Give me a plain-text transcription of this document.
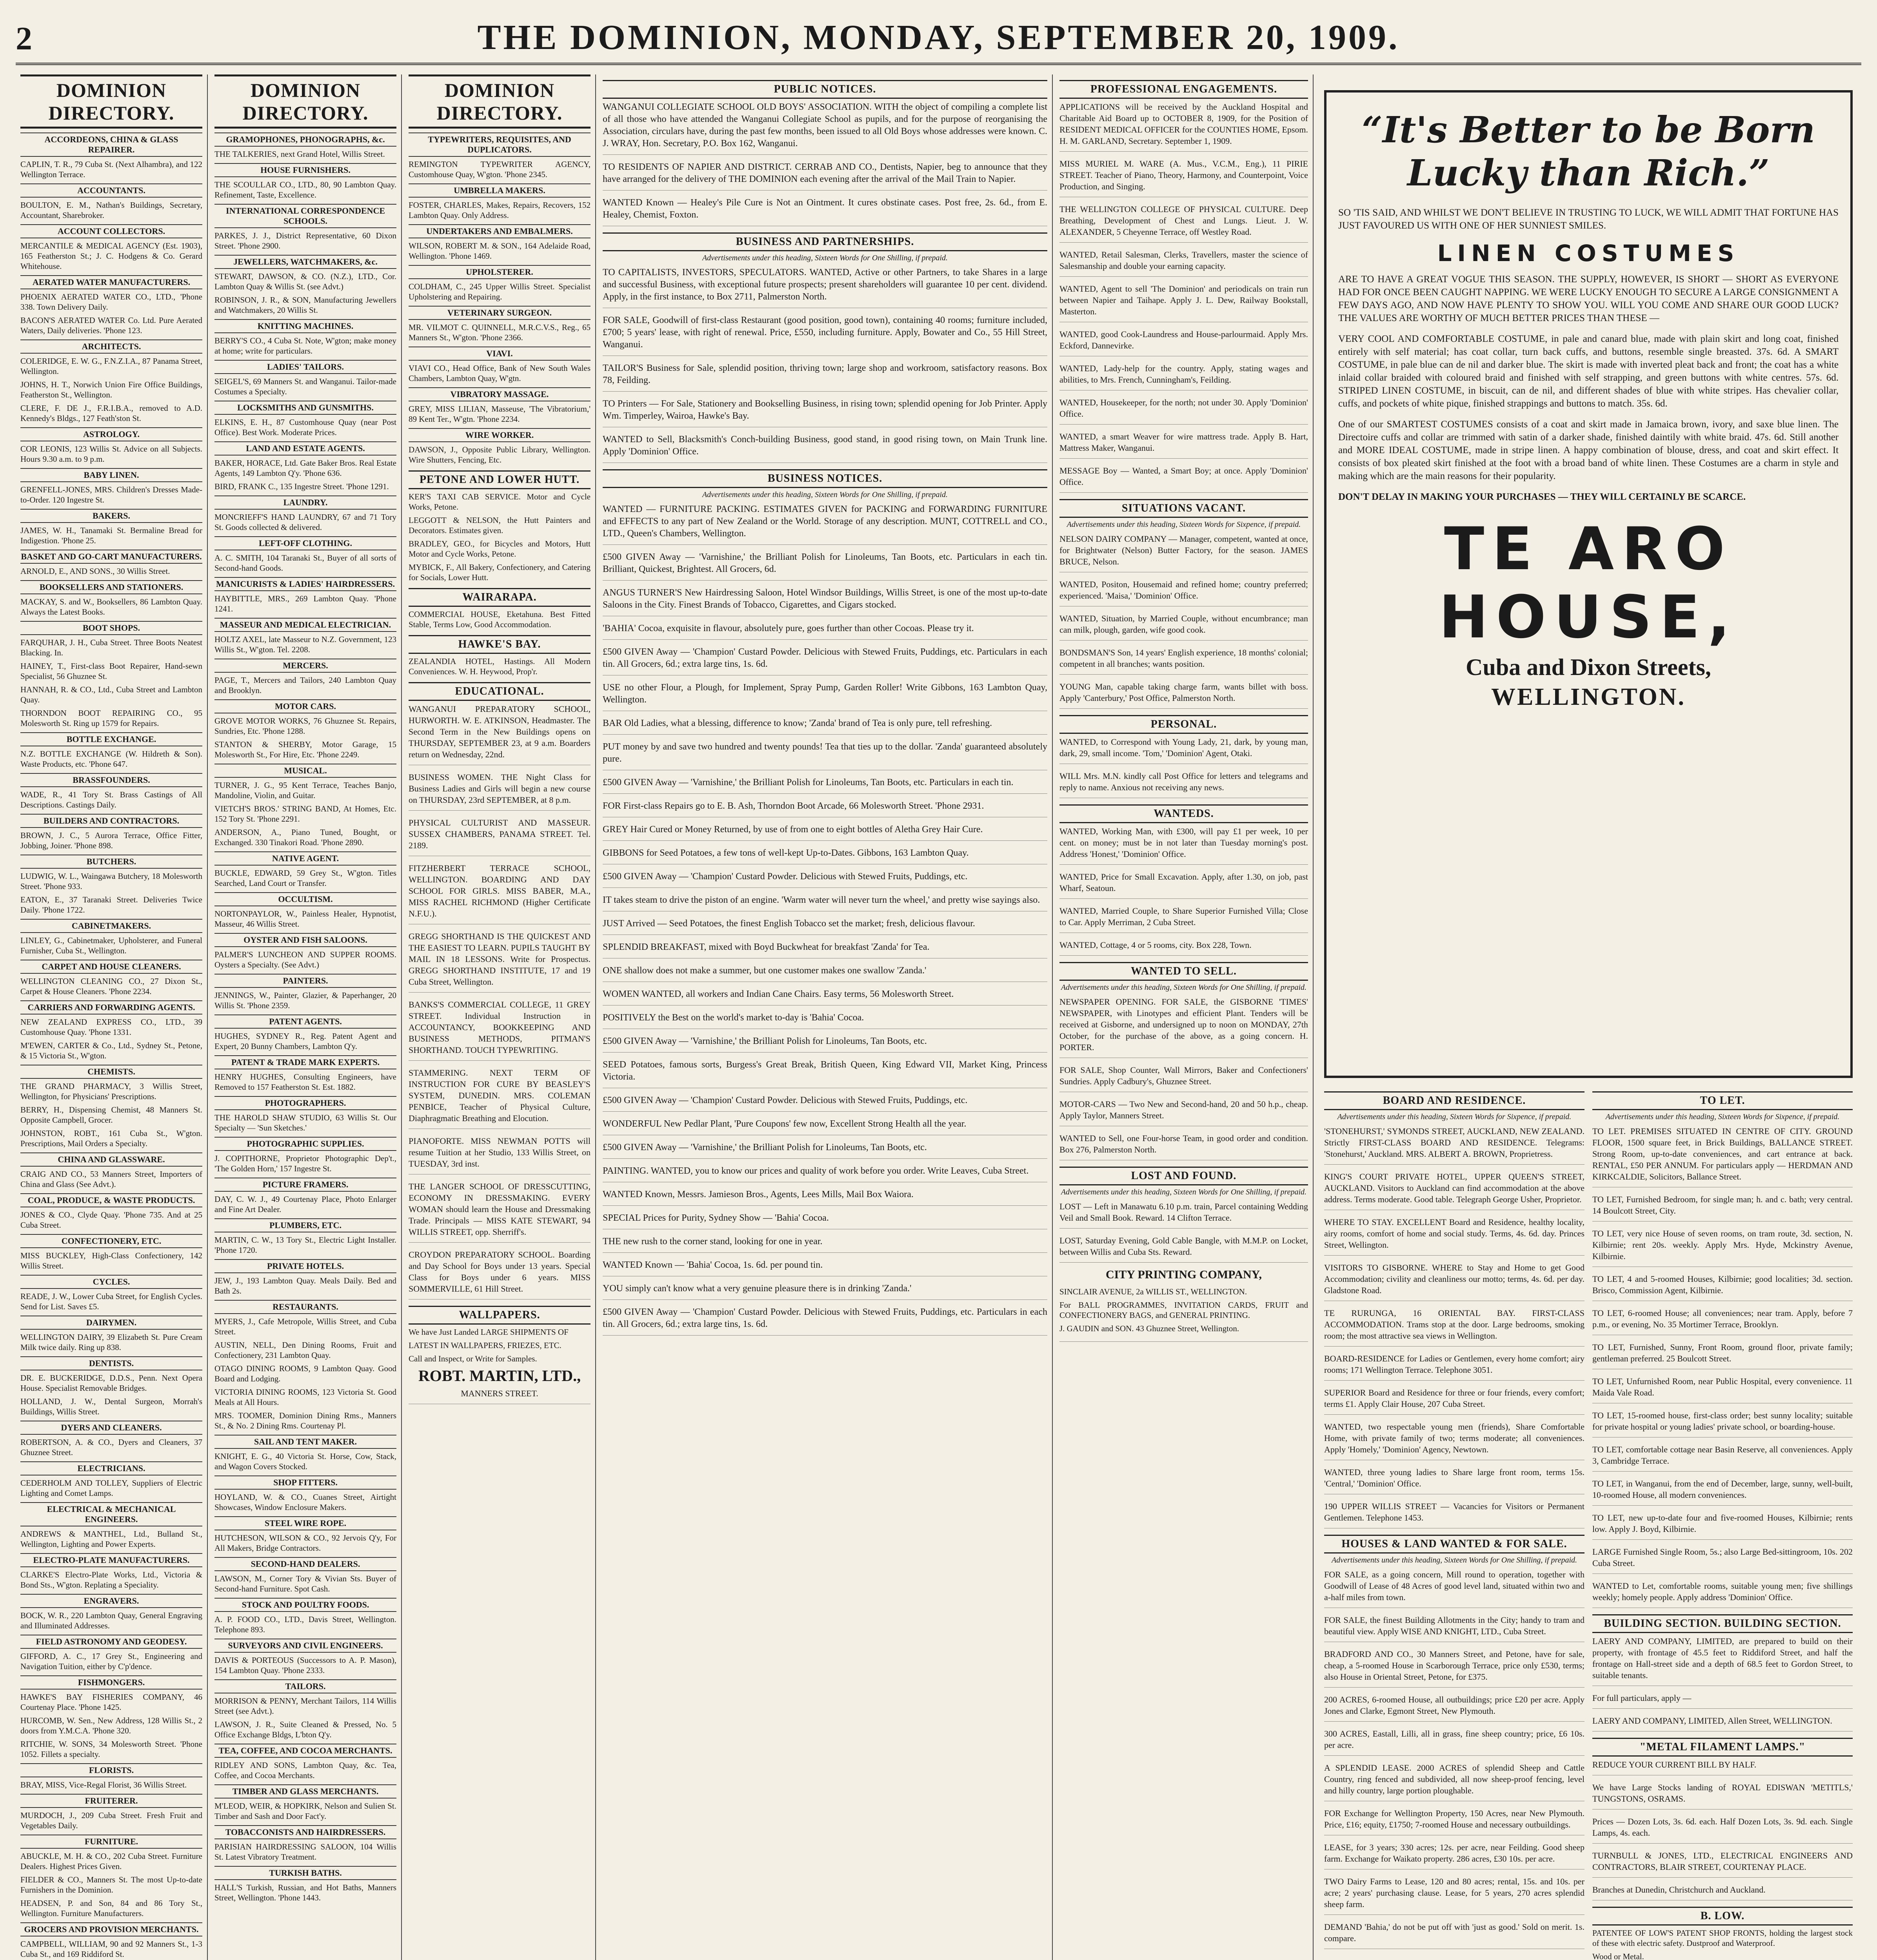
2	THE DOMINION, MONDAY, SEPTEMBER 20, 1909.
DOMINION DIRECTORY.
ACCORDEONS, CHINA & GLASS REPAIRER.
CAPLIN, T. R., 79 Cuba St. (Next Alhambra), and 122 Wellington Terrace.
ACCOUNTANTS.
BOULTON, E. M., Nathan's Buildings, Secretary, Accountant, Sharebroker.
ACCOUNT COLLECTORS.
MERCANTILE & MEDICAL AGENCY (Est. 1903), 165 Featherston St.; J. C. Hodgens & Co. Gerard Whitehouse.
AERATED WATER MANUFACTURERS.
PHOENIX AERATED WATER CO., LTD., 'Phone 338. Town Delivery Daily.
BACON'S AERATED WATER Co. Ltd. Pure Aerated Waters, Daily deliveries. 'Phone 123.
ARCHITECTS.
COLERIDGE, E. W. G., F.N.Z.I.A., 87 Panama Street, Wellington.
JOHNS, H. T., Norwich Union Fire Office Buildings, Featherston St., Wellington.
CLERE, F. DE J., F.R.I.B.A., removed to A.D. Kennedy's Bldgs., 127 Feath'ston St.
ASTROLOGY.
COR LEONIS, 123 Willis St. Advice on all Subjects. Hours 9.30 a.m. to 9 p.m.
BABY LINEN.
GRENFELL-JONES, MRS. Children's Dresses Made-to-Order. 120 Ingestre St.
BAKERS.
JAMES, W. H., Tanamaki St. Bermaline Bread for Indigestion. 'Phone 25.
BASKET AND GO-CART MANUFACTURERS.
ARNOLD, E., AND SONS., 30 Willis Street.
BOOKSELLERS AND STATIONERS.
MACKAY, S. and W., Booksellers, 86 Lambton Quay. Always the Latest Books.
BOOT SHOPS.
FARQUHAR, J. H., Cuba Street. Three Boots Neatest Blacking. In.
HAINEY, T., First-class Boot Repairer, Hand-sewn Specialist, 56 Ghuznee St.
HANNAH, R. & CO., Ltd., Cuba Street and Lambton Quay.
THORNDON BOOT REPAIRING CO., 95 Molesworth St. Ring up 1579 for Repairs.
BOTTLE EXCHANGE.
N.Z. BOTTLE EXCHANGE (W. Hildreth & Son). Waste Products, etc. 'Phone 647.
BRASSFOUNDERS.
WADE, R., 41 Tory St. Brass Castings of All Descriptions. Castings Daily.
BUILDERS AND CONTRACTORS.
BROWN, J. C., 5 Aurora Terrace, Office Fitter, Jobbing, Joiner. 'Phone 898.
BUTCHERS.
LUDWIG, W. L., Waingawa Butchery, 18 Molesworth Street. 'Phone 933.
EATON, E., 37 Taranaki Street. Deliveries Twice Daily. 'Phone 1722.
CABINETMAKERS.
LINLEY, G., Cabinetmaker, Upholsterer, and Funeral Furnisher, Cuba St., Wellington.
CARPET AND HOUSE CLEANERS.
WELLINGTON CLEANING CO., 27 Dixon St., Carpet & House Cleaners. 'Phone 2234.
CARRIERS AND FORWARDING AGENTS.
NEW ZEALAND EXPRESS CO., LTD., 39 Customhouse Quay. 'Phone 1331.
M'EWEN, CARTER & Co., Ltd., Sydney St., Petone, & 15 Victoria St., W'gton.
CHEMISTS.
THE GRAND PHARMACY, 3 Willis Street, Wellington, for Physicians' Prescriptions.
BERRY, H., Dispensing Chemist, 48 Manners St. Opposite Campbell, Grocer.
JOHNSTON, ROBT., 161 Cuba St., W'gton. Prescriptions, Mail Orders a Specialty.
CHINA AND GLASSWARE.
CRAIG AND CO., 53 Manners Street, Importers of China and Glass (See Advt.).
COAL, PRODUCE, & WASTE PRODUCTS.
JONES & CO., Clyde Quay. 'Phone 735. And at 25 Cuba Street.
CONFECTIONERY, ETC.
MISS BUCKLEY, High-Class Confectionery, 142 Willis Street.
CYCLES.
READE, J. W., Lower Cuba Street, for English Cycles. Send for List. Saves £5.
DAIRYMEN.
WELLINGTON DAIRY, 39 Elizabeth St. Pure Cream Milk twice daily. Ring up 838.
DENTISTS.
DR. E. BUCKERIDGE, D.D.S., Penn. Next Opera House. Specialist Removable Bridges.
HOLLAND, J. W., Dental Surgeon, Morrah's Buildings, Willis Street.
DYERS AND CLEANERS.
ROBERTSON, A. & CO., Dyers and Cleaners, 37 Ghuznee Street.
ELECTRICIANS.
CEDERHOLM AND TOLLEY, Suppliers of Electric Lighting and Comet Lamps.
ELECTRICAL & MECHANICAL ENGINEERS.
ANDREWS & MANTHEL, Ltd., Bulland St., Wellington, Lighting and Power Experts.
ELECTRO-PLATE MANUFACTURERS.
CLARKE'S Electro-Plate Works, Ltd., Victoria & Bond Sts., W'gton. Replating a Speciality.
ENGRAVERS.
BOCK, W. R., 220 Lambton Quay, General Engraving and Illuminated Addresses.
FIELD ASTRONOMY AND GEODESY.
GIFFORD, A. C., 17 Grey St., Engineering and Navigation Tuition, either by C'p'dence.
FISHMONGERS.
HAWKE'S BAY FISHERIES COMPANY, 46 Courtenay Place. 'Phone 1425.
HURCOMB, W. Sen., New Address, 128 Willis St., 2 doors from Y.M.C.A. 'Phone 320.
RITCHIE, W. SONS, 34 Molesworth Street. 'Phone 1052. Fillets a specialty.
FLORISTS.
BRAY, MISS, Vice-Regal Florist, 36 Willis Street.
FRUITERER.
MURDOCH, J., 209 Cuba Street. Fresh Fruit and Vegetables Daily.
FURNITURE.
ABUCKLE, M. H. & CO., 202 Cuba Street. Furniture Dealers. Highest Prices Given.
FIELDER & CO., Manners St. The most Up-to-date Furnishers in the Dominion.
HEADSEN, P. and Son, 84 and 86 Tory St., Wellington. Furniture Manufacturers.
GROCERS AND PROVISION MERCHANTS.
CAMPBELL, WILLIAM, 90 and 92 Manners St., 1-3 Cuba St., and 169 Riddiford St.
DOMINION DIRECTORY.
GRAMOPHONES, PHONOGRAPHS, &c.
THE TALKERIES, next Grand Hotel, Willis Street.
HOUSE FURNISHERS.
THE SCOULLAR CO., LTD., 80, 90 Lambton Quay. Refinement, Taste, Excellence.
INTERNATIONAL CORRESPONDENCE SCHOOLS.
PARKES, J. J., District Representative, 60 Dixon Street. 'Phone 2900.
JEWELLERS, WATCHMAKERS, &c.
STEWART, DAWSON, & CO. (N.Z.), LTD., Cor. Lambton Quay & Willis St. (see Advt.)
ROBINSON, J. R., & SON, Manufacturing Jewellers and Watchmakers, 20 Willis St.
KNITTING MACHINES.
BERRY'S CO., 4 Cuba St. Note, W'gton; make money at home; write for particulars.
LADIES' TAILORS.
SEIGEL'S, 69 Manners St. and Wanganui. Tailor-made Costumes a Specialty.
LOCKSMITHS AND GUNSMITHS.
ELKINS, E. H., 87 Customhouse Quay (near Post Office). Best Work. Moderate Prices.
LAND AND ESTATE AGENTS.
BAKER, HORACE, Ltd. Gate Baker Bros. Real Estate Agents, 149 Lambton Q'y. 'Phone 636.
BIRD, FRANK C., 135 Ingestre Street. 'Phone 1291.
LAUNDRY.
MONCRIEFF'S HAND LAUNDRY, 67 and 71 Tory St. Goods collected & delivered.
LEFT-OFF CLOTHING.
A. C. SMITH, 104 Taranaki St., Buyer of all sorts of Second-hand Goods.
MANICURISTS & LADIES' HAIRDRESSERS.
HAYBITTLE, MRS., 269 Lambton Quay. 'Phone 1241.
MASSEUR AND MEDICAL ELECTRICIAN.
HOLTZ AXEL, late Masseur to N.Z. Government, 123 Willis St., W'gton. Tel. 2208.
MERCERS.
PAGE, T., Mercers and Tailors, 240 Lambton Quay and Brooklyn.
MOTOR CARS.
GROVE MOTOR WORKS, 76 Ghuznee St. Repairs, Sundries, Etc. 'Phone 1288.
STANTON & SHERBY, Motor Garage, 15 Molesworth St., For Hire, Etc. 'Phone 2249.
MUSICAL.
TURNER, J. G., 95 Kent Terrace, Teaches Banjo, Mandoline, Violin, and Guitar.
VIETCH'S BROS.' STRING BAND, At Homes, Etc. 152 Tory St. 'Phone 2291.
ANDERSON, A., Piano Tuned, Bought, or Exchanged. 330 Tinakori Road. 'Phone 2890.
NATIVE AGENT.
BUCKLE, EDWARD, 59 Grey St., W'gton. Titles Searched, Land Court or Transfer.
OCCULTISM.
NORTONPAYLOR, W., Painless Healer, Hypnotist, Masseur, 46 Willis Street.
OYSTER AND FISH SALOONS.
PALMER'S LUNCHEON AND SUPPER ROOMS. Oysters a Specialty. (See Advt.)
PAINTERS.
JENNINGS, W., Painter, Glazier, & Paperhanger, 20 Willis St. 'Phone 2359.
PATENT AGENTS.
HUGHES, SYDNEY R., Reg. Patent Agent and Expert, 20 Bunny Chambers, Lambton Q'y.
PATENT & TRADE MARK EXPERTS.
HENRY HUGHES, Consulting Engineers, have Removed to 157 Featherston St. Est. 1882.
PHOTOGRAPHERS.
THE HAROLD SHAW STUDIO, 63 Willis St. Our Specialty — 'Sun Sketches.'
PHOTOGRAPHIC SUPPLIES.
J. COPITHORNE, Proprietor Photographic Dep't., 'The Golden Horn,' 157 Ingestre St.
PICTURE FRAMERS.
DAY, C. W. J., 49 Courtenay Place, Photo Enlarger and Fine Art Dealer.
PLUMBERS, ETC.
MARTIN, C. W., 13 Tory St., Electric Light Installer. 'Phone 1720.
PRIVATE HOTELS.
JEW, J., 193 Lambton Quay. Meals Daily. Bed and Bath 2s.
RESTAURANTS.
MYERS, J., Cafe Metropole, Willis Street, and Cuba Street.
AUSTIN, NELL, Den Dining Rooms, Fruit and Confectionery, 231 Lambton Quay.
OTAGO DINING ROOMS, 9 Lambton Quay. Good Board and Lodging.
VICTORIA DINING ROOMS, 123 Victoria St. Good Meals at All Hours.
MRS. TOOMER, Dominion Dining Rms., Manners St., & No. 2 Dining Rms. Courtenay Pl.
SAIL AND TENT MAKER.
KNIGHT, E. G., 40 Victoria St. Horse, Cow, Stack, and Wagon Covers Stocked.
SHOP FITTERS.
HOYLAND, W. & CO., Cuanes Street, Airtight Showcases, Window Enclosure Makers.
STEEL WIRE ROPE.
HUTCHESON, WILSON & CO., 92 Jervois Q'y, For All Makers, Bridge Contractors.
SECOND-HAND DEALERS.
LAWSON, M., Corner Tory & Vivian Sts. Buyer of Second-hand Furniture. Spot Cash.
STOCK AND POULTRY FOODS.
A. P. FOOD CO., LTD., Davis Street, Wellington. Telephone 893.
SURVEYORS AND CIVIL ENGINEERS.
DAVIS & PORTEOUS (Successors to A. P. Mason), 154 Lambton Quay. 'Phone 2333.
TAILORS.
MORRISON & PENNY, Merchant Tailors, 114 Willis Street (see Advt.).
LAWSON, J. R., Suite Cleaned & Pressed, No. 5 Office Exchange Bldgs, L'bton Q'y.
TEA, COFFEE, AND COCOA MERCHANTS.
RIDLEY AND SONS, Lambton Quay, &c. Tea, Coffee, and Cocoa Merchants.
TIMBER AND GLASS MERCHANTS.
M'LEOD, WEIR, & HOPKIRK, Nelson and Sulien St. Timber and Sash and Door Fact'y.
TOBACCONISTS AND HAIRDRESSERS.
PARISIAN HAIRDRESSING SALOON, 104 Willis St. Latest Vibratory Treatment.
TURKISH BATHS.
HALL'S Turkish, Russian, and Hot Baths, Manners Street, Wellington. 'Phone 1443.
DOMINION DIRECTORY.
TYPEWRITERS, REQUISITES, AND DUPLICATORS.
REMINGTON TYPEWRITER AGENCY, Customhouse Quay, W'gton. 'Phone 2345.
UMBRELLA MAKERS.
FOSTER, CHARLES, Makes, Repairs, Recovers, 152 Lambton Quay. Only Address.
UNDERTAKERS AND EMBALMERS.
WILSON, ROBERT M. & SON., 164 Adelaide Road, Wellington. 'Phone 1469.
UPHOLSTERER.
COLDHAM, C., 245 Upper Willis Street. Specialist Upholstering and Repairing.
VETERINARY SURGEON.
MR. VILMOT C. QUINNELL, M.R.C.V.S., Reg., 65 Manners St., W'gton. 'Phone 2366.
VIAVI.
VIAVI CO., Head Office, Bank of New South Wales Chambers, Lambton Quay, W'gtn.
VIBRATORY MASSAGE.
GREY, MISS LILIAN, Masseuse, 'The Vibratorium,' 89 Kent Ter., W'gtn. 'Phone 2234.
WIRE WORKER.
DAWSON, J., Opposite Public Library, Wellington. Wire Shutters, Fencing, Etc.
PETONE AND LOWER HUTT.
KER'S TAXI CAB SERVICE. Motor and Cycle Works, Petone.
LEGGOTT & NELSON, the Hutt Painters and Decorators. Estimates given.
BRADLEY, GEO., for Bicycles and Motors, Hutt Motor and Cycle Works, Petone.
MYBICK, F., All Bakery, Confectionery, and Catering for Socials, Lower Hutt.
WAIRARAPA.
COMMERCIAL HOUSE, Eketahuna. Best Fitted Stable, Terms Low, Good Accommodation.
HAWKE'S BAY.
ZEALANDIA HOTEL, Hastings. All Modern Conveniences. W. H. Heywood, Prop'r.
EDUCATIONAL.
WANGANUI PREPARATORY SCHOOL, HURWORTH. W. E. ATKINSON, Headmaster. The Second Term in the New Buildings opens on THURSDAY, SEPTEMBER 23, at 9 a.m. Boarders return on Wednesday, 22nd.
BUSINESS WOMEN. THE Night Class for Business Ladies and Girls will begin a new course on THURSDAY, 23rd SEPTEMBER, at 8 p.m.
PHYSICAL CULTURIST AND MASSEUR. SUSSEX CHAMBERS, PANAMA STREET. Tel. 2189.
FITZHERBERT TERRACE SCHOOL, WELLINGTON. BOARDING AND DAY SCHOOL FOR GIRLS. MISS BABER, M.A., MISS RACHEL RICHMOND (Higher Certificate N.F.U.).
GREGG SHORTHAND IS THE QUICKEST AND THE EASIEST TO LEARN. PUPILS TAUGHT BY MAIL IN 18 LESSONS. Write for Prospectus. GREGG SHORTHAND INSTITUTE, 17 and 19 Cuba Street, Wellington.
BANKS'S COMMERCIAL COLLEGE, 11 GREY STREET. Individual Instruction in ACCOUNTANCY, BOOKKEEPING AND BUSINESS METHODS, PITMAN'S SHORTHAND. TOUCH TYPEWRITING.
STAMMERING. NEXT TERM OF INSTRUCTION FOR CURE BY BEASLEY'S SYSTEM, DUNEDIN. MRS. COLEMAN PENBICE, Teacher of Physical Culture, Diaphragmatic Breathing and Elocution.
PIANOFORTE. MISS NEWMAN POTTS will resume Tuition at her Studio, 133 Willis Street, on TUESDAY, 3rd inst.
THE LANGER SCHOOL OF DRESSCUTTING, ECONOMY IN DRESSMAKING. EVERY WOMAN should learn the House and Dressmaking Trade. Principals — MISS KATE STEWART, 94 WILLIS STREET, opp. Sherriff's.
CROYDON PREPARATORY SCHOOL. Boarding and Day School for Boys under 13 years. Special Class for Boys under 6 years. MISS SOMMERVILLE, 61 Hill Street.
WALLPAPERS.
We have Just Landed LARGE SHIPMENTS OF
LATEST IN WALLPAPERS, FRIEZES, ETC.
Call and Inspect, or Write for Samples.
ROBT. MARTIN, LTD.,
MANNERS STREET.
PUBLIC NOTICES.
WANGANUI COLLEGIATE SCHOOL OLD BOYS' ASSOCIATION. WITH the object of compiling a complete list of all those who have attended the Wanganui Collegiate School as pupils, and for the purpose of reorganising the Association, circulars have, during the past few months, been issued to all Old Boys whose addresses were known. C. J. WRAY, Hon. Secretary, P.O. Box 162, Wanganui.
TO RESIDENTS OF NAPIER AND DISTRICT. CERRAB AND CO., Dentists, Napier, beg to announce that they have arranged for the delivery of THE DOMINION each evening after the arrival of the Mail Train to Napier.
WANTED Known — Healey's Pile Cure is Not an Ointment. It cures obstinate cases. Post free, 2s. 6d., from E. Healey, Chemist, Foxton.
BUSINESS AND PARTNERSHIPS.
Advertisements under this heading, Sixteen Words for One Shilling, if prepaid.
TO CAPITALISTS, INVESTORS, SPECULATORS. WANTED, Active or other Partners, to take Shares in a large and successful Business, with exceptional future prospects; present shareholders will guarantee 10 per cent. dividend. Apply, in the first instance, to Box 2711, Palmerston North.
FOR SALE, Goodwill of first-class Restaurant (good position, good town), containing 40 rooms; furniture included, £700; 5 years' lease, with right of renewal. Price, £550, including furniture. Apply, Bowater and Co., 55 Hill Street, Wanganui.
TAILOR'S Business for Sale, splendid position, thriving town; large shop and workroom, satisfactory reasons. Box 78, Feilding.
TO Printers — For Sale, Stationery and Bookselling Business, in rising town; splendid opening for Job Printer. Apply Wm. Timperley, Wairoa, Hawke's Bay.
WANTED to Sell, Blacksmith's Conch-building Business, good stand, in good rising town, on Main Trunk line. Apply 'Dominion' Office.
BUSINESS NOTICES.
Advertisements under this heading, Sixteen Words for One Shilling, if prepaid.
WANTED — FURNITURE PACKING. ESTIMATES GIVEN for PACKING and FORWARDING FURNITURE and EFFECTS to any part of New Zealand or the World. Storage of any description. MUNT, COTTRELL and CO., LTD., Queen's Chambers, Wellington.
£500 GIVEN Away — 'Varnishine,' the Brilliant Polish for Linoleums, Tan Boots, etc. Particulars in each tin. Brilliant, Quickest, Brightest. All Grocers, 6d.
ANGUS TURNER'S New Hairdressing Saloon, Hotel Windsor Buildings, Willis Street, is one of the most up-to-date Saloons in the City. Finest Brands of Tobacco, Cigarettes, and Cigars stocked.
'BAHIA' Cocoa, exquisite in flavour, absolutely pure, goes further than other Cocoas. Please try it.
£500 GIVEN Away — 'Champion' Custard Powder. Delicious with Stewed Fruits, Puddings, etc. Particulars in each tin. All Grocers, 6d.; extra large tins, 1s. 6d.
USE no other Flour, a Plough, for Implement, Spray Pump, Garden Roller! Write Gibbons, 163 Lambton Quay, Wellington.
BAR Old Ladies, what a blessing, difference to know; 'Zanda' brand of Tea is only pure, tell refreshing.
PUT money by and save two hundred and twenty pounds! Tea that ties up to the dollar. 'Zanda' guaranteed absolutely pure.
£500 GIVEN Away — 'Varnishine,' the Brilliant Polish for Linoleums, Tan Boots, etc. Particulars in each tin.
FOR First-class Repairs go to E. B. Ash, Thorndon Boot Arcade, 66 Molesworth Street. 'Phone 2931.
GREY Hair Cured or Money Returned, by use of from one to eight bottles of Aletha Grey Hair Cure.
GIBBONS for Seed Potatoes, a few tons of well-kept Up-to-Dates. Gibbons, 163 Lambton Quay.
£500 GIVEN Away — 'Champion' Custard Powder. Delicious with Stewed Fruits, Puddings, etc.
IT takes steam to drive the piston of an engine. 'Warm water will never turn the wheel,' and pretty wise sayings also.
JUST Arrived — Seed Potatoes, the finest English Tobacco set the market; fresh, delicious flavour.
SPLENDID BREAKFAST, mixed with Boyd Buckwheat for breakfast 'Zanda' for Tea.
ONE shallow does not make a summer, but one customer makes one swallow 'Zanda.'
WOMEN WANTED, all workers and Indian Cane Chairs. Easy terms, 56 Molesworth Street.
POSITIVELY the Best on the world's market to-day is 'Bahia' Cocoa.
£500 GIVEN Away — 'Varnishine,' the Brilliant Polish for Linoleums, Tan Boots, etc.
SEED Potatoes, famous sorts, Burgess's Great Break, British Queen, King Edward VII, Market King, Princess Victoria.
£500 GIVEN Away — 'Champion' Custard Powder. Delicious with Stewed Fruits, Puddings, etc.
WONDERFUL New Pedlar Plant, 'Pure Coupons' few now, Excellent Strong Health all the year.
£500 GIVEN Away — 'Varnishine,' the Brilliant Polish for Linoleums, Tan Boots, etc.
PAINTING. WANTED, you to know our prices and quality of work before you order. Write Leaves, Cuba Street.
WANTED Known, Messrs. Jamieson Bros., Agents, Lees Mills, Mail Box Waiora.
SPECIAL Prices for Purity, Sydney Show — 'Bahia' Cocoa.
THE new rush to the corner stand, looking for one in year.
WANTED Known — 'Bahia' Cocoa, 1s. 6d. per pound tin.
YOU simply can't know what a very genuine pleasure there is in drinking 'Zanda.'
£500 GIVEN Away — 'Champion' Custard Powder. Delicious with Stewed Fruits, Puddings, etc. Particulars in each tin. All Grocers, 6d.; extra large tins, 1s. 6d.
PROFESSIONAL ENGAGEMENTS.
APPLICATIONS will be received by the Auckland Hospital and Charitable Aid Board up to OCTOBER 8, 1909, for the Position of RESIDENT MEDICAL OFFICER for the COUNTIES HOME, Epsom. H. M. GARLAND, Secretary. September 1, 1909.
MISS MURIEL M. WARE (A. Mus., V.C.M., Eng.), 11 PIRIE STREET. Teacher of Piano, Theory, Harmony, and Counterpoint, Voice Production, and Singing.
THE WELLINGTON COLLEGE OF PHYSICAL CULTURE. Deep Breathing, Development of Chest and Lungs. Lieut. J. W. ALEXANDER, 5 Cheyenne Terrace, off Westley Road.
WANTED, Retail Salesman, Clerks, Travellers, master the science of Salesmanship and double your earning capacity.
WANTED, Agent to sell 'The Dominion' and periodicals on train run between Napier and Taihape. Apply J. L. Dew, Railway Bookstall, Masterton.
WANTED, good Cook-Laundress and House-parlourmaid. Apply Mrs. Eckford, Dannevirke.
WANTED, Lady-help for the country. Apply, stating wages and abilities, to Mrs. French, Cunningham's, Feilding.
WANTED, Housekeeper, for the north; not under 30. Apply 'Dominion' Office.
WANTED, a smart Weaver for wire mattress trade. Apply B. Hart, Mattress Maker, Wanganui.
MESSAGE Boy — Wanted, a Smart Boy; at once. Apply 'Dominion' Office.
SITUATIONS VACANT.
Advertisements under this heading, Sixteen Words for Sixpence, if prepaid.
NELSON DAIRY COMPANY — Manager, competent, wanted at once, for Brightwater (Nelson) Butter Factory, for the season. JAMES BRUCE, Nelson.
WANTED, Positon, Housemaid and refined home; country preferred; experienced. 'Maisa,' 'Dominion' Office.
WANTED, Situation, by Married Couple, without encumbrance; man can milk, plough, garden, wife good cook.
BONDSMAN'S Son, 14 years' English experience, 18 months' colonial; competent in all branches; wants position.
YOUNG Man, capable taking charge farm, wants billet with boss. Apply 'Canterbury,' Post Office, Palmerston North.
PERSONAL.
WANTED, to Correspond with Young Lady, 21, dark, by young man, dark, 29, small income. 'Tom,' 'Dominion' Agent, Otaki.
WILL Mrs. M.N. kindly call Post Office for letters and telegrams and reply to name. Anxious not receiving any news.
WANTEDS.
WANTED, Working Man, with £300, will pay £1 per week, 10 per cent. on money; must be in not later than Tuesday morning's post. Address 'Honest,' 'Dominion' Office.
WANTED, Price for Small Excavation. Apply, after 1.30, on job, past Wharf, Seatoun.
WANTED, Married Couple, to Share Superior Furnished Villa; Close to Car. Apply Merriman, 2 Cuba Street.
WANTED, Cottage, 4 or 5 rooms, city. Box 228, Town.
WANTED TO SELL.
Advertisements under this heading, Sixteen Words for One Shilling, if prepaid.
NEWSPAPER OPENING. FOR SALE, the GISBORNE 'TIMES' NEWSPAPER, with Linotypes and efficient Plant. Tenders will be received at Gisborne, and undersigned up to noon on MONDAY, 27th October, for the purchase of the above, as a going concern. H. PORTER.
FOR SALE, Shop Counter, Wall Mirrors, Baker and Confectioners' Sundries. Apply Cadbury's, Ghuznee Street.
MOTOR-CARS — Two New and Second-hand, 20 and 50 h.p., cheap. Apply Taylor, Manners Street.
WANTED to Sell, one Four-horse Team, in good order and condition. Box 276, Palmerston North.
LOST AND FOUND.
Advertisements under this heading, Sixteen Words for One Shilling, if prepaid.
LOST — Left in Manawatu 6.10 p.m. train, Parcel containing Wedding Veil and Small Book. Reward. 14 Clifton Terrace.
LOST, Saturday Evening, Gold Cable Bangle, with M.M.P. on Locket, between Willis and Cuba Sts. Reward.
CITY PRINTING COMPANY,
SINCLAIR AVENUE, 2a WILLIS ST., WELLINGTON.
For BALL PROGRAMMES, INVITATION CARDS, FRUIT and CONFECTIONERY BAGS, and GENERAL PRINTING.
J. GAUDIN and SON. 43 Ghuznee Street, Wellington.
“It's Better to be Born Lucky than Rich.”
SO 'TIS SAID, AND WHILST WE DON'T BELIEVE IN TRUSTING TO LUCK, WE WILL ADMIT THAT FORTUNE HAS JUST FAVOURED US WITH ONE OF HER SUNNIEST SMILES.
LINEN COSTUMES
ARE TO HAVE A GREAT VOGUE THIS SEASON. THE SUPPLY, HOWEVER, IS SHORT — SHORT AS EVERYONE HAD FOR ONCE BEEN CAUGHT NAPPING. WE WERE LUCKY ENOUGH TO SECURE A LARGE CONSIGNMENT A FEW DAYS AGO, AND NOW HAVE PLENTY TO SHOW YOU. WILL YOU COME AND SHARE OUR GOOD LUCK? THE VALUES ARE WORTHY OF MUCH BETTER PRICES THAN THESE —
VERY COOL AND COMFORTABLE COSTUME, in pale and canard blue, made with plain skirt and long coat, finished entirely with self material; has coat collar, turn back cuffs, and buttons, resemble single breasted. 37s. 6d. A SMART COSTUME, in pale blue can de nil and darker blue. The skirt is made with inverted pleat back and front; the coat has a white inlaid collar braided with coloured braid and finished with self strapping, and green buttons with white centres. 57s. 6d. STRIPED LINEN COSTUME, in biscuit, can de nil, and different shades of blue with white stripes. Has chevalier collar, cuffs, and pockets of white pique, finished strappings and buttons to match. 35s. 6d.
One of our SMARTEST COSTUMES consists of a coat and skirt made in Jamaica brown, ivory, and saxe blue linen. The Directoire cuffs and collar are trimmed with satin of a darker shade, finished daintily with white braid. 47s. 6d. Still another and MORE IDEAL COSTUME, made in stripe linen. A happy combination of blouse, dress, and coat and skirt effect. It consists of box pleated skirt finished at the foot with a broad band of white linen. These Costumes are a charm in style and making which are the main reasons for their popularity.
DON'T DELAY IN MAKING YOUR PURCHASES — THEY WILL CERTAINLY BE SCARCE.
TE ARO HOUSE,
Cuba and Dixon Streets,
WELLINGTON.
BOARD AND RESIDENCE.
Advertisements under this heading, Sixteen Words for Sixpence, if prepaid.
'STONEHURST,' SYMONDS STREET, AUCKLAND, NEW ZEALAND. Strictly FIRST-CLASS BOARD AND RESIDENCE. Telegrams: 'Stonehurst,' Auckland. MRS. ALBERT A. BROWN, Proprietress.
KING'S COURT PRIVATE HOTEL, UPPER QUEEN'S STREET, AUCKLAND. Visitors to Auckland can find accommodation at the above address. Terms moderate. Good table. Telegraph George Usher, Proprietor.
WHERE TO STAY. EXCELLENT Board and Residence, healthy locality, airy rooms, comfort of home and social study. Terms, 4s. 6d. day. Princes Street, Wellington.
VISITORS TO GISBORNE. WHERE to Stay and Home to get Good Accommodation; civility and cleanliness our motto; terms, 4s. 6d. per day. Gladstone Road.
TE RURUNGA, 16 ORIENTAL BAY. FIRST-CLASS ACCOMMODATION. Trams stop at the door. Large bedrooms, smoking room; the most attractive sea views in Wellington.
BOARD-RESIDENCE for Ladies or Gentlemen, every home comfort; airy rooms; 171 Wellington Terrace. Telephone 3051.
SUPERIOR Board and Residence for three or four friends, every comfort; terms £1. Apply Clair House, 207 Cuba Street.
WANTED, two respectable young men (friends), Share Comfortable Home, with private family of two; terms moderate; all conveniences. Apply 'Homely,' 'Dominion' Agency, Newtown.
WANTED, three young ladies to Share large front room, terms 15s. 'Central,' 'Dominion' Office.
190 UPPER WILLIS STREET — Vacancies for Visitors or Permanent Gentlemen. Telephone 1453.
HOUSES & LAND WANTED & FOR SALE.
Advertisements under this heading, Sixteen Words for One Shilling, if prepaid.
FOR SALE, as a going concern, Mill round to operation, together with Goodwill of Lease of 48 Acres of good level land, situated within two and a-half miles from town.
FOR SALE, the finest Building Allotments in the City; handy to tram and beautiful view. Apply WISE AND KNIGHT, LTD., Cuba Street.
BRADFORD AND CO., 30 Manners Street, and Petone, have for sale, cheap, a 5-roomed House in Scarborough Terrace, price only £530, terms; also House in Oriental Street, Petone, for £375.
200 ACRES, 6-roomed House, all outbuildings; price £20 per acre. Apply Jones and Clarke, Egmont Street, New Plymouth.
300 ACRES, Eastall, Lilli, all in grass, fine sheep country; price, £6 10s. per acre.
A SPLENDID LEASE. 2000 ACRES of splendid Sheep and Cattle Country, ring fenced and subdivided, all now sheep-proof fencing, level and hilly country, large portion ploughable.
FOR Exchange for Wellington Property, 150 Acres, near New Plymouth. Price, £16; equity, £1750; 7-roomed House and necessary outbuildings.
LEASE, for 3 years; 330 acres; 12s. per acre, near Feilding. Good sheep farm. Exchange for Waikato property. 286 acres, £30 10s. per acre.
TWO Dairy Farms to Lease, 120 and 80 acres; rental, 15s. and 10s. per acre; 2 years' purchasing clause. Lease, for 5 years, 270 acres splendid sheep farm.
DEMAND 'Bahia,' do not be put off with 'just as good.' Sold on merit. 1s. compare.
TO LET.
Advertisements under this heading, Sixteen Words for Sixpence, if prepaid.
TO LET. PREMISES SITUATED IN CENTRE OF CITY. GROUND FLOOR, 1500 square feet, in Brick Buildings, BALLANCE STREET. Strong Room, up-to-date conveniences, and cart entrance at back. RENTAL, £50 PER ANNUM. For particulars apply — HERDMAN AND KIRKCALDIE, Solicitors, Ballance Street.
TO LET, Furnished Bedroom, for single man; h. and c. bath; very central. 14 Boulcott Street, City.
TO LET, very nice House of seven rooms, on tram route, 3d. section, N. Kilbirnie; rent 20s. weekly. Apply Mrs. Hyde, Mckinstry Avenue, Kilbirnie.
TO LET, 4 and 5-roomed Houses, Kilbirnie; good localities; 3d. section. Brisco, Commission Agent, Kilbirnie.
TO LET, 6-roomed House; all conveniences; near tram. Apply, before 7 p.m., or evening, No. 35 Mortimer Terrace, Brooklyn.
TO LET, Furnished, Sunny, Front Room, ground floor, private family; gentleman preferred. 25 Boulcott Street.
TO LET, Unfurnished Room, near Public Hospital, every convenience. 11 Maida Vale Road.
TO LET, 15-roomed house, first-class order; best sunny locality; suitable for private hospital or young ladies' private school, or boarding-house.
TO LET, comfortable cottage near Basin Reserve, all conveniences. Apply 3, Cambridge Terrace.
TO LET, in Wanganui, from the end of December, large, sunny, well-built, 10-roomed House, all modern conveniences.
TO LET, new up-to-date four and five-roomed Houses, Kilbirnie; rents low. Apply J. Boyd, Kilbirnie.
LARGE Furnished Single Room, 5s.; also Large Bed-sittingroom, 10s. 202 Cuba Street.
WANTED to Let, comfortable rooms, suitable young men; five shillings weekly; homely people. Apply address 'Dominion' Office.
BUILDING SECTION. BUILDING SECTION.
LAERY AND COMPANY, LIMITED, are prepared to build on their property, with frontage of 45.5 feet to Riddiford Street, and half the frontage on Hall-street side and a depth of 68.5 feet to Gordon Street, to suitable tenants.
For full particulars, apply —
LAERY AND COMPANY, LIMITED, Allen Street, WELLINGTON.
"METAL FILAMENT LAMPS."
REDUCE YOUR CURRENT BILL BY HALF.
We have Large Stocks landing of ROYAL EDISWAN 'METITLS,' TUNGSTONS, OSRAMS.
Prices — Dozen Lots, 3s. 6d. each. Half Dozen Lots, 3s. 9d. each. Single Lamps, 4s. each.
TURNBULL & JONES, LTD., ELECTRICAL ENGINEERS AND CONTRACTORS, BLAIR STREET, COURTENAY PLACE.
Branches at Dunedin, Christchurch and Auckland.
B. LOW.
PATENTEE OF LOW'S PATENT SHOP FRONTS, holding the largest stock of these with electric safety. Dustproof and Waterproof.
Wood or Metal.
